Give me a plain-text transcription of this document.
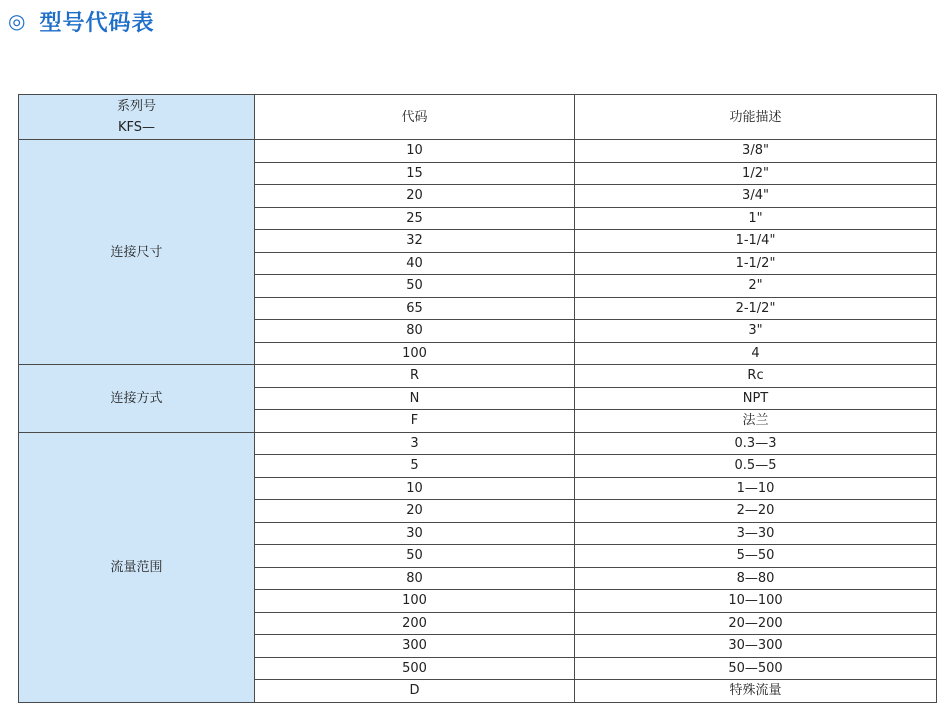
◎ 型号代码表
系列号
KFS—	代码	功能描述
连接尺寸	10	3/8"
	15	1/2"
	20	3/4"
	25	1"
	32	1-1/4"
	40	1-1/2"
	50	2"
	65	2-1/2"
	80	3"
	100	4
连接方式	R	Rc
	N	NPT
	F	法兰
流量范围	3	0.3—3
	5	0.5—5
	10	1—10
	20	2—20
	30	3—30
	50	5—50
	80	8—80
	100	10—100
	200	20—200
	300	30—300
	500	50—500
	D	特殊流量
